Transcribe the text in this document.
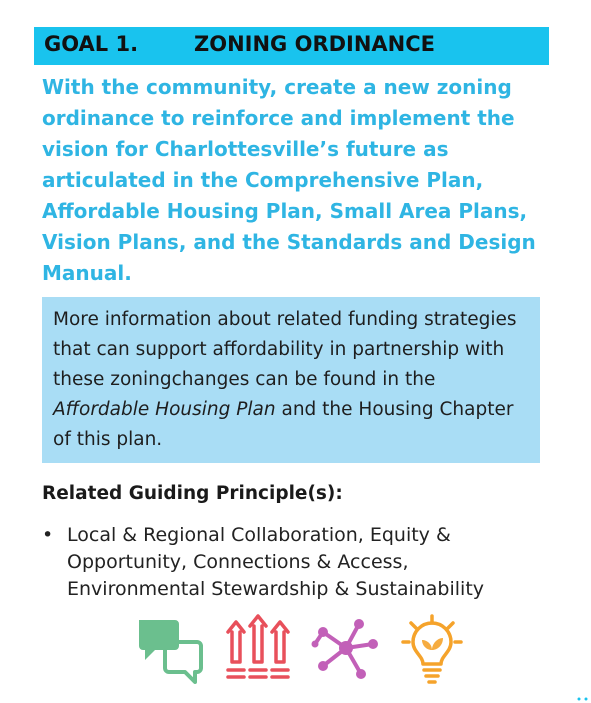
GOAL 1.	ZONING ORDINANCE

With the community, create a new zoning ordinance to reinforce and implement the vision for Charlottesville’s future as articulated in the Comprehensive Plan, Affordable Housing Plan, Small Area Plans, Vision Plans, and the Standards and Design Manual.

More information about related funding strategies that can support affordability in partnership with these zoningchanges can be found in the Affordable Housing Plan and the Housing Chapter of this plan.
Related Guiding Principle(s):
• Local & Regional Collaboration, Equity & Opportunity, Connections & Access, Environmental Stewardship & Sustainability
